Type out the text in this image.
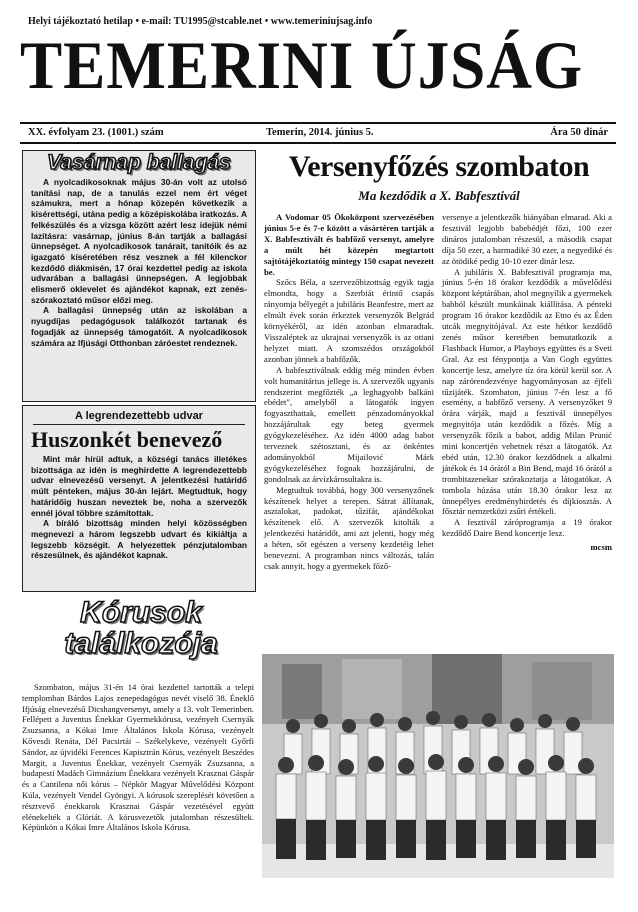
Helyi tájékoztató hetilap • e-mail: TU1995@stcable.net • www.temeriniujsag.info
TEMERINI ÚJSÁG
XX. évfolyam 23. (1001.) szám	Temerin, 2014. június 5.	Ára 50 dinár
Vasárnap ballagás

A nyolcadikosoknak május 30-án volt az utolsó tanítási nap, de a tanulás ezzel nem ért véget számukra, mert a hónap közepén következik a kisérettségi, utána pedig a középiskolába iratkozás. A felkészülés és a vizsga között azért lesz idejük némi lazításra: vasárnap, június 8-án tartják a ballagási ünnepséget. A nyolcadikosok tanárait, tanítóik és az igazgató kíséretében rész vesznek a fél kilenckor kezdődő diákmisén, 17 órai kezdettel pedig az iskola udvarában a ballagási ünnepségen. A legjobbak elismerő oklevelet és ajándékot kapnak, ezt zenés-szórakoztató műsor előzi meg.

A ballagási ünnepség után az iskolában a nyugdíjas pedagógusok találkozót tartanak és fogadják az ünnepség támogatóit. A nyolcadikosok számára az Ifjúsági Otthonban záróestet rendeznek.

A legrendezettebb udvar
Huszonkét benevező

Mint már hírül adtuk, a községi tanács illetékes bizottsága az idén is meghirdette A legrendezettebb udvar elnevezésű versenyt. A jelentkezési határidő múlt pénteken, május 30-án lejárt. Megtudtuk, hogy határidőig huszan neveztek be, noha a szervezők ennél jóval többre számítottak.

A bíráló bizottság minden helyi közösségben megnevezi a három legszebb udvart és kikiáltja a legszebb községit. A helyezettek pénzjutalomban részesülnek, és ajándékot kapnak.

Kórusok
találkozója

Szombaton, május 31-én 14 órai kezdettel tartották a telepi templomban Bárdos Lajos zenepedagógus nevét viselő 38. Éneklő Ifjúság elnevezésű Dicshangversenyt, amely a 13. volt Temerinben. Fellépett a Juventus Énekkar Gyermekkórusa, vezényelt Csernyák Zsuzsanna, a Kókai Imre Általános Iskola Kórusa, vezényelt Kővesdi Renáta, Dél Pacsirtái – Székelykeve, vezényelt Győrfi Sándor, az újvidéki Ferences Kapisztrán Kórus, vezényelt Beszédes Margit, a Juventus Énekkar, vezényelt Csernyák Zsuzsanna, a budapesti Madách Gimnázium Énekkara vezényelt Krasznai Gáspár és a Cantilena női kórus – Népkör Magyar Művelődési Központ Kúla, vezényelt Vendel Gyöngyi. A kórusok szereplését követően a résztvevő énekkarok Krasznai Gáspár vezetésével együtt elénekelték a Glóriát. A kórusvezetők jutalomban részesültek. Képünkön a Kókai Imre Általános Iskola Kórusa.

Versenyfőzés szombaton
Ma kezdődik a X. Babfesztivál

A Vodomar 05 Ökoközpont szervezésében június 5-e és 7-e között a vásártéren tartják a X. Babfesztivált és babfőző versenyt, amelyre a múlt hét közepén megtartott sajtótájékoztatóig mintegy 150 csapat nevezett be.

Szőcs Béla, a szervezőbizottság egyik tagja elmondta, hogy a Szerbiát érintő csapás rányomja bélyegét a jubiláris Beanfestre, mert az elmúlt évek során érkeztek versenyzők Belgrád környékéről, az idén azonban elmaradtak. Visszaléptek az ukrajnai versenyzők is az ottani helyzet miatt. A szomszédos országokból azonban jönnek a babfőzők.

A babfesztiválnak eddig még minden évben volt humanitárius jellege is. A szervezők ugyanis rendszerint megfőzték „a leghagyobb balkáni ebédet", amelyből a látogatók ingyen fogyaszthattak, emellett pénzadományokkal hozzájárultak egy beteg gyermek gyógykezeléséhez. Az idén 4000 adag babot terveznek szétosztani, és az önkéntes adományokból Mijailović Márk gyógykezeléséhez fognak hozzájárulni, de gondolnak az árvízkárosultakra is.

Megtudtuk továbbá, hogy 300 versenyzőnek készítenek helyet a terepen. Sátrat állítanak, asztalokat, padokat, tűzifát, ajándékokat készítenek elő. A szervezők kitolták a jelentkezési határidőt, ami azt jelenti, hogy még a héten, sőt egészen a verseny kezdetéig lehet benevezni. A programban nincs változás, talán csak annyit, hogy a gyermekek főző-

versenye a jelentkezők hiányában elmarad. Aki a fesztivál legjobb babebédjét főzi, 100 ezer dináros jutalomban részesül, a második csapat díja 50 ezer, a harmadiké 30 ezer, a negyediké és az ötödiké pedig 10-10 ezer dinár lesz.

A jubiláris X. Babfesztivál programja ma, június 5-én 18 órakor kezdődik a művelődési központ képtárában, ahol megnyílik a gyermekek babból készült munkáinak kiállítása. A pénteki program 16 órakor kezdődik az Etno és az Éden utcák megnyitójával. Az este hétkor kezdődő zenés műsor keretében bemutatkozik a Flashback Humor, a Playboys együttes és a Sveti Gral. Az est fénypontja a Van Gogh együttes koncertje lesz, amelyre tíz óra körül kerül sor. A nap zárórendezvénye hagyományosan az éjfeli tűzijáték. Szombaton, június 7-én lesz a fő esemény, a babfőző verseny. A versenyzőket 9 órára várják, majd a fesztivál ünnepélyes megnyitója után kezdődik a főzés. Míg a versenyzők főzik a babot, addig Milan Prunić mini koncertjén vehetnek részt a látogatók. Az ebéd után, 12.30 órakor kezdődnek a alkalmi játékok és 14 órától a Bin Bend, majd 16 órától a trombitazenekar szórakoztatja a látogatókat. A tombola húzása után 18.30 órakor lesz az ünnepélyes eredményhirdetés és díjkiosztás. A fősztár nemzetközi zsűri értékeli.

A fesztivál záróprogramja a 19 órakor kezdődő Daire Bend koncertje lesz.

mcsm
